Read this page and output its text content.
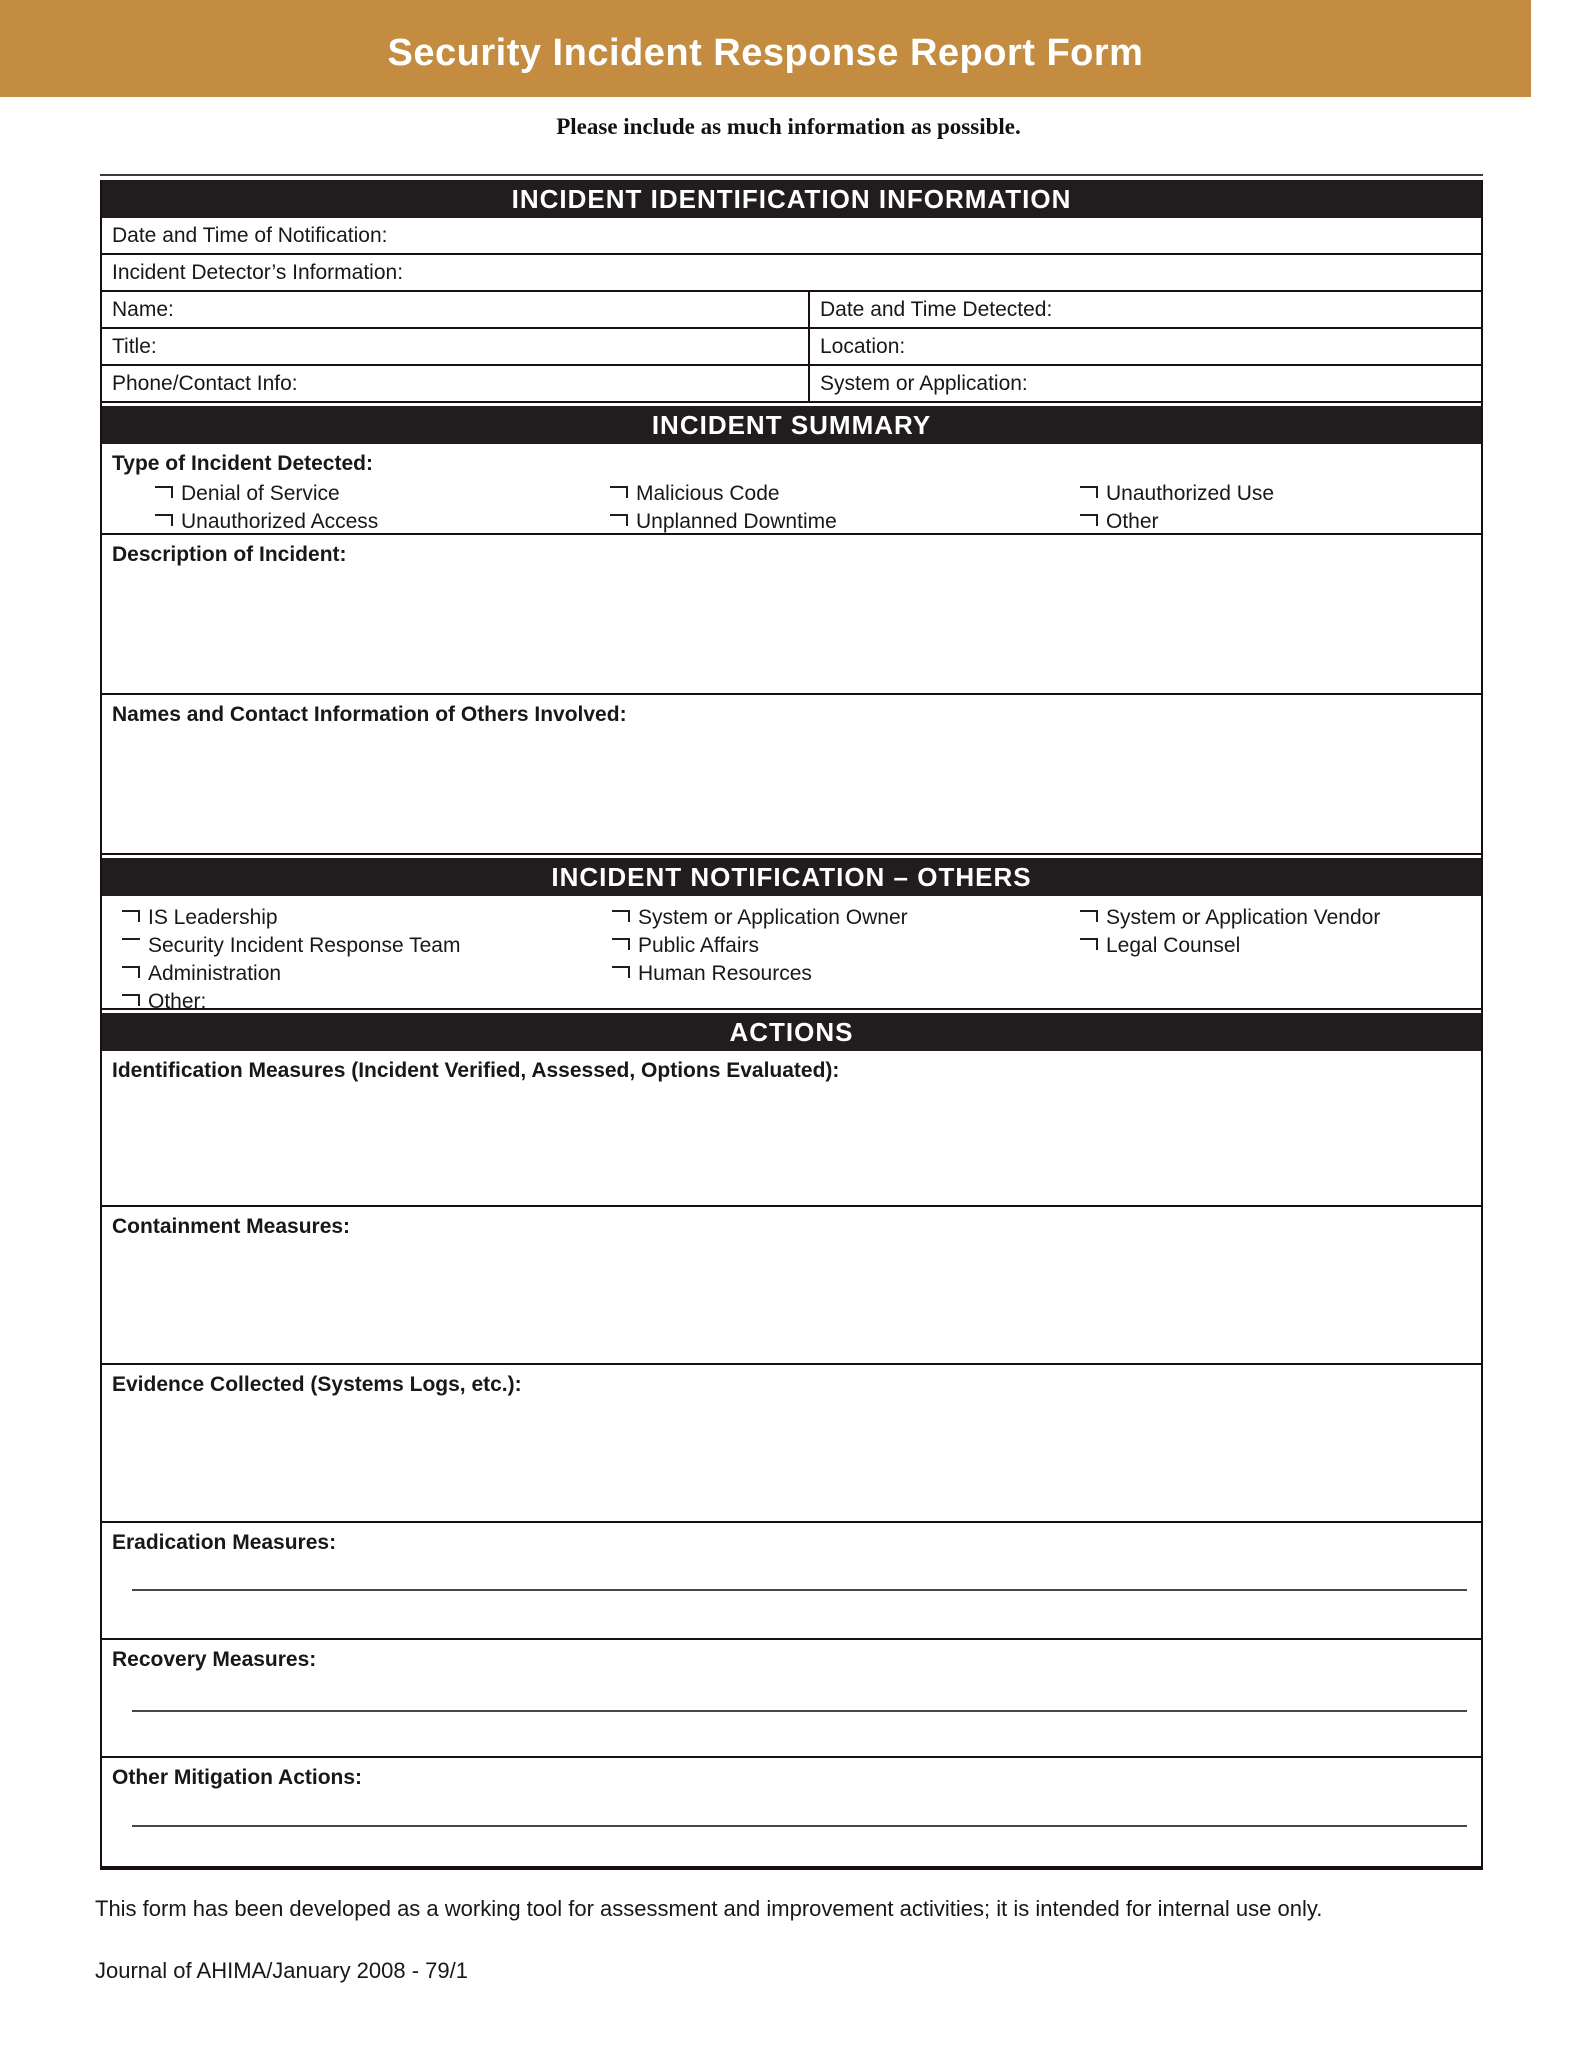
Security Incident Response Report Form
Please include as much information as possible.
INCIDENT IDENTIFICATION INFORMATION
Date and Time of Notification:
Incident Detector’s Information:
Name:	Date and Time Detected:
Title:	Location:
Phone/Contact Info:	System or Application:
INCIDENT SUMMARY
Type of Incident Detected:
Denial of Service	Malicious Code	Unauthorized Use
Unauthorized Access	Unplanned Downtime	Other
Description of Incident:
Names and Contact Information of Others Involved:
INCIDENT NOTIFICATION – OTHERS
IS Leadership	System or Application Owner	System or Application Vendor
Security Incident Response Team	Public Affairs	Legal Counsel
Administration	Human Resources
Other:
ACTIONS
Identification Measures (Incident Verified, Assessed, Options Evaluated):
Containment Measures:
Evidence Collected (Systems Logs, etc.):
Eradication Measures:
Recovery Measures:
Other Mitigation Actions:
This form has been developed as a working tool for assessment and improvement activities; it is intended for internal use only.
Journal of AHIMA/January 2008 - 79/1
